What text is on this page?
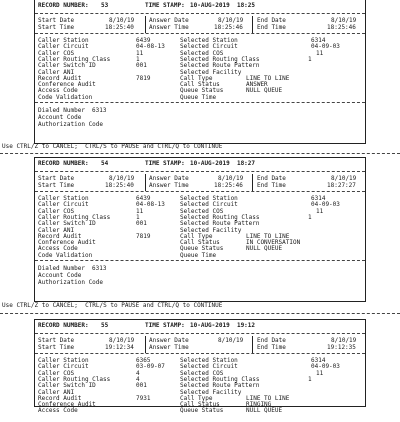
RECORD NUMBER: 53	TIME STAMP: 10-AUG-2019  18:25
Start Date	8/10/19
Start Time	18:25:40
Answer Date	8/10/19
Answer Time	18:25:46
End Date	8/10/19
End Time	18:25:46
Caller Station	6439
Caller Circuit	04-08-13
Caller COS	11
Caller Routing Class	1
Caller Switch ID	001
Caller ANI
Record Audit	7819
Conference Audit
Access Code
Code Validation
Selected Station	6314
Selected Circuit	04-09-03
Selected COS	11
Selected Routing Class	1
Selected Route Pattern
Selected Facility
Call Type	LINE TO LINE
Call Status	ANSWER
Queue Status	NULL QUEUE
Queue Time
Dialed Number 6313
Account Code
Authorization Code
Use CTRL/Z to CANCEL;  CTRL/S to PAUSE and CTRL/Q to CONTINUE
RECORD NUMBER: 54	TIME STAMP: 10-AUG-2019  18:27
Start Date	8/10/19
Start Time	18:25:40
Answer Date	8/10/19
Answer Time	18:25:46
End Date	8/10/19
End Time	18:27:27
Caller Station	6439
Caller Circuit	04-08-13
Caller COS	11
Caller Routing Class	1
Caller Switch ID	001
Caller ANI
Record Audit	7819
Conference Audit
Access Code
Code Validation
Selected Station	6314
Selected Circuit	04-09-03
Selected COS	11
Selected Routing Class	1
Selected Route Pattern
Selected Facility
Call Type	LINE TO LINE
Call Status	IN CONVERSATION
Queue Status	NULL QUEUE
Queue Time
Dialed Number 6313
Account Code
Authorization Code
Use CTRL/Z to CANCEL;  CTRL/S to PAUSE and CTRL/Q to CONTINUE
RECORD NUMBER: 55	TIME STAMP: 10-AUG-2019  19:12
Start Date	8/10/19
Start Time	19:12:34
Answer Date	8/10/19
Answer Time
End Date	8/10/19
End Time	19:12:35
Caller Station	6365
Caller Circuit	03-09-07
Caller COS	4
Caller Routing Class	4
Caller Switch ID	001
Caller ANI
Record Audit	7931
Conference Audit
Access Code
Selected Station	6314
Selected Circuit	04-09-03
Selected COS	11
Selected Routing Class	1
Selected Route Pattern
Selected Facility
Call Type	LINE TO LINE
Call Status	RINGING
Queue Status	NULL QUEUE
